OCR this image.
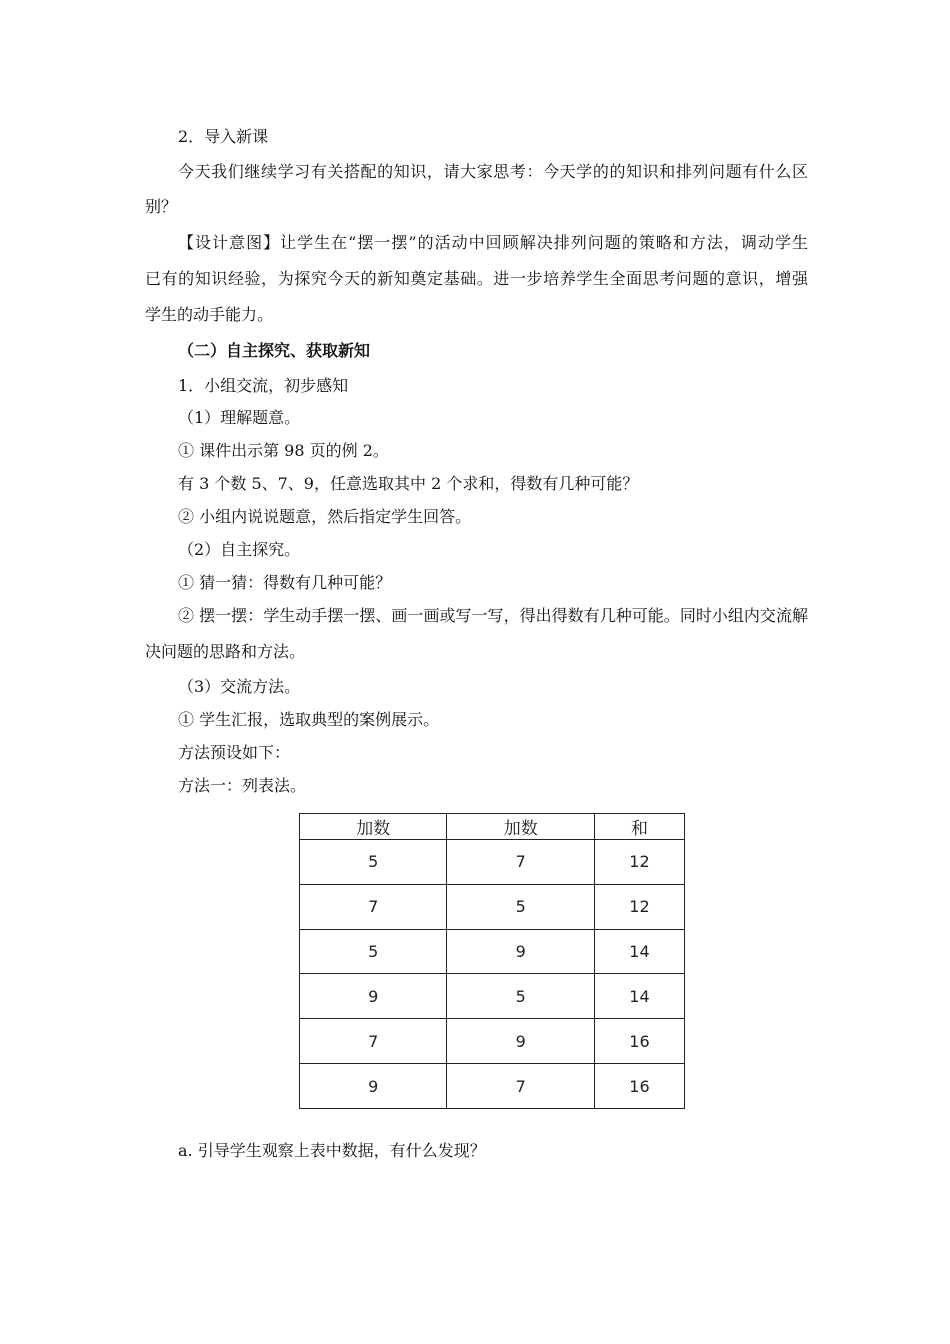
2．导入新课
今天我们继续学习有关搭配的知识，请大家思考：今天学的的知识和排列问题有什么区
别？
【设计意图】让学生在“摆一摆”的活动中回顾解决排列问题的策略和方法，调动学生
已有的知识经验，为探究今天的新知奠定基础。进一步培养学生全面思考问题的意识，增强
学生的动手能力。
（二）自主探究、获取新知
1．小组交流，初步感知
（1）理解题意。
① 课件出示第 98 页的例 2。
有 3 个数 5、7、9，任意选取其中 2 个求和，得数有几种可能？
② 小组内说说题意，然后指定学生回答。
（2）自主探究。
① 猜一猜：得数有几种可能？
② 摆一摆：学生动手摆一摆、画一画或写一写，得出得数有几种可能。同时小组内交流解
决问题的思路和方法。
（3）交流方法。
① 学生汇报，选取典型的案例展示。
方法预设如下：
方法一：列表法。
加数	加数	和
5	7	12
7	5	12
5	9	14
9	5	14
7	9	16
9	7	16
a. 引导学生观察上表中数据，有什么发现？
